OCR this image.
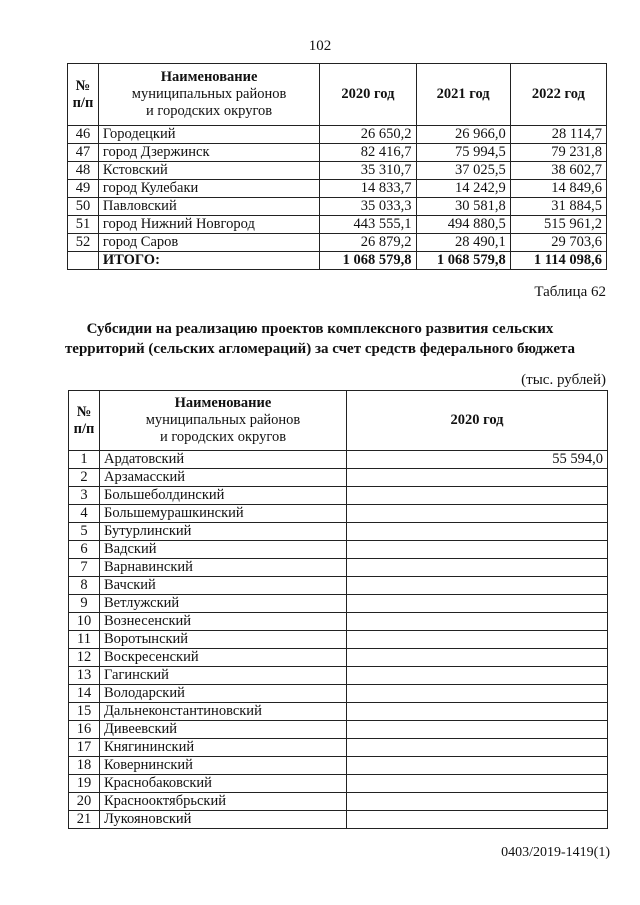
102
№
п/п	Наименование
муниципальных районов
и городских округов	2020 год	2021 год	2022 год
46	Городецкий	26 650,2	26 966,0	28 114,7
47	город Дзержинск	82 416,7	75 994,5	79 231,8
48	Кстовский	35 310,7	37 025,5	38 602,7
49	город Кулебаки	14 833,7	14 242,9	14 849,6
50	Павловский	35 033,3	30 581,8	31 884,5
51	город Нижний Новгород	443 555,1	494 880,5	515 961,2
52	город Саров	26 879,2	28 490,1	29 703,6
	ИТОГО:	1 068 579,8	1 068 579,8	1 114 098,6
Таблица 62
Субсидии на реализацию проектов комплексного развития сельских
территорий (сельских агломераций) за счет средств федерального бюджета
(тыс. рублей)
№
п/п	Наименование
муниципальных районов
и городских округов	2020 год
1	Ардатовский	55 594,0
2	Арзамасский	
3	Большеболдинский	
4	Большемурашкинский	
5	Бутурлинский	
6	Вадский	
7	Варнавинский	
8	Вачский	
9	Ветлужский	
10	Вознесенский	
11	Воротынский	
12	Воскресенский	
13	Гагинский	
14	Володарский	
15	Дальнеконстантиновский	
16	Дивеевский	
17	Княгининский	
18	Ковернинский	
19	Краснобаковский	
20	Краснооктябрьский	
21	Лукояновский	
0403/2019-1419(1)
